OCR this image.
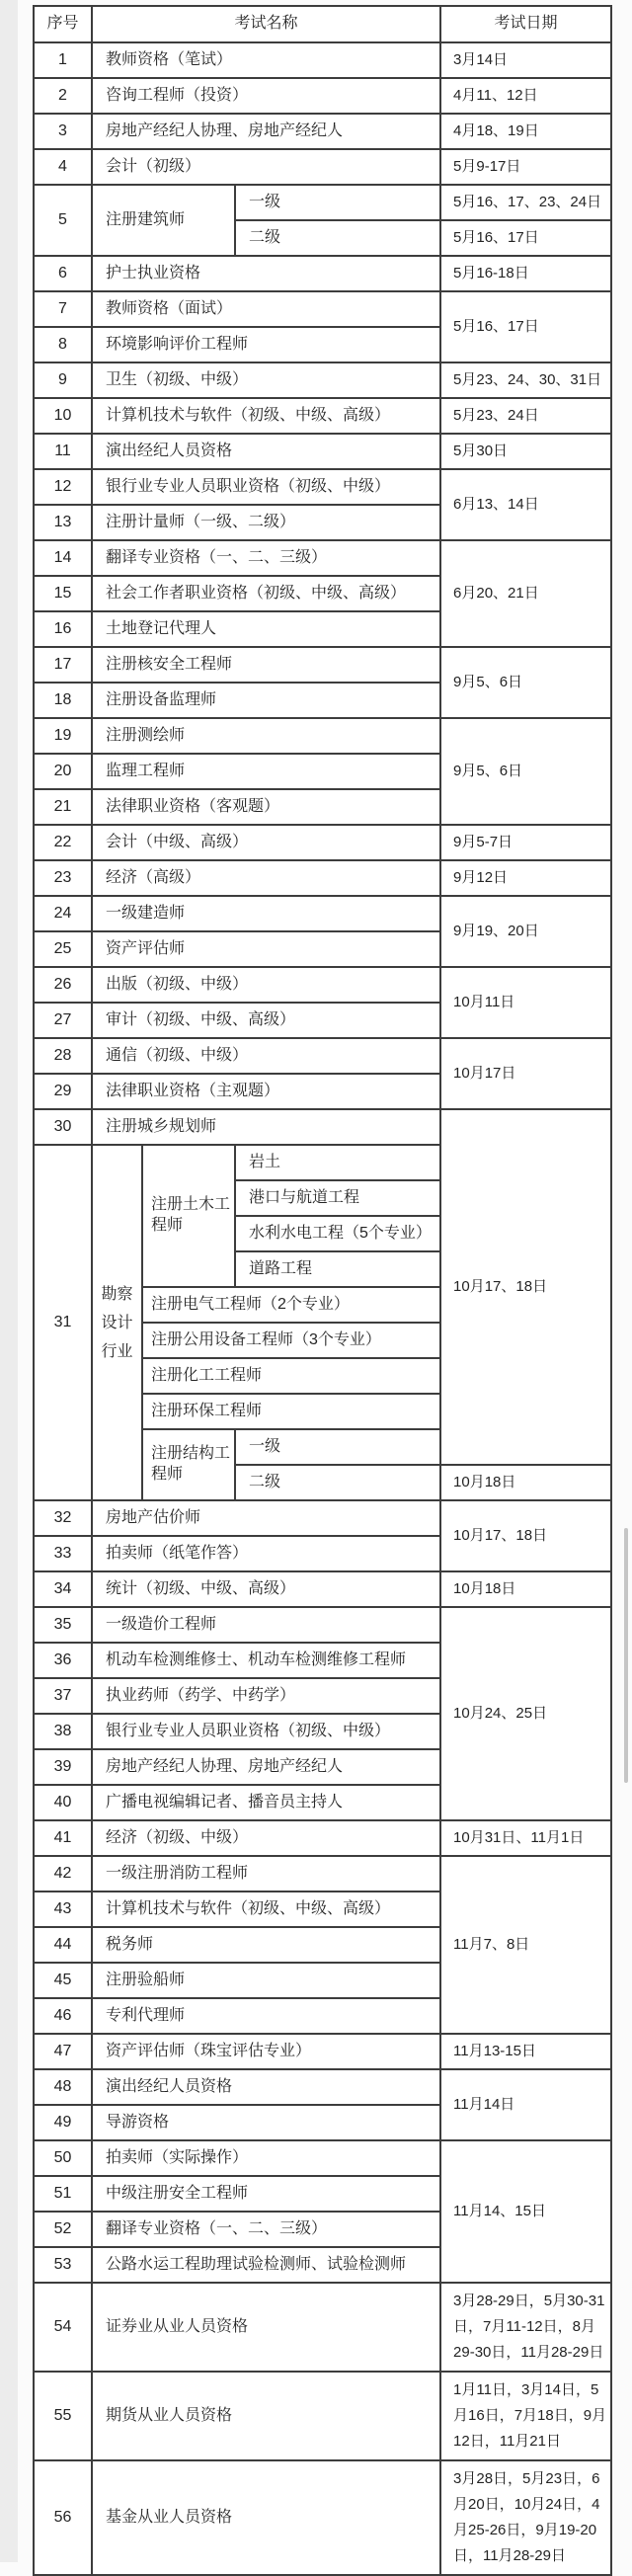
序号	考试名称			考试日期
1	教师资格（笔试）			3月14日
2	咨询工程师（投资）			4月11、12日
3	房地产经纪人协理、房地产经纪人			4月18、19日
4	会计（初级）			5月9-17日
5	注册建筑师		一级	5月16、17、23、24日
			二级	5月16、17日
6	护士执业资格			5月16-18日
7	教师资格（面试）			5月16、17日
8	环境影响评价工程师			
9	卫生（初级、中级）			5月23、24、30、31日
10	计算机技术与软件（初级、中级、高级）			5月23、24日
11	演出经纪人员资格			5月30日
12	银行业专业人员职业资格（初级、中级）			6月13、14日
13	注册计量师（一级、二级）			
14	翻译专业资格（一、二、三级）			6月20、21日
15	社会工作者职业资格（初级、中级、高级）			
16	土地登记代理人			
17	注册核安全工程师			9月5、6日
18	注册设备监理师			
19	注册测绘师			9月5、6日
20	监理工程师			
21	法律职业资格（客观题）			
22	会计（中级、高级）			9月5-7日
23	经济（高级）			9月12日
24	一级建造师			9月19、20日
25	资产评估师			
26	出版（初级、中级）			10月11日
27	审计（初级、中级、高级）			
28	通信（初级、中级）			10月17日
29	法律职业资格（主观题）			
30	注册城乡规划师			10月17、18日
31	勘察设计行业	注册土木工程师	岩土	
			港口与航道工程	
			水利水电工程（5个专业）	
			道路工程	
		注册电气工程师（2个专业）		
		注册公用设备工程师（3个专业）		
		注册化工工程师		
		注册环保工程师		
		注册结构工程师	一级	
			二级	10月18日
32	房地产估价师			10月17、18日
33	拍卖师（纸笔作答）			
34	统计（初级、中级、高级）			10月18日
35	一级造价工程师			10月24、25日
36	机动车检测维修士、机动车检测维修工程师			
37	执业药师（药学、中药学）			
38	银行业专业人员职业资格（初级、中级）			
39	房地产经纪人协理、房地产经纪人			
40	广播电视编辑记者、播音员主持人			
41	经济（初级、中级）			10月31日、11月1日
42	一级注册消防工程师			11月7、8日
43	计算机技术与软件（初级、中级、高级）			
44	税务师			
45	注册验船师			
46	专利代理师			
47	资产评估师（珠宝评估专业）			11月13-15日
48	演出经纪人员资格			11月14日
49	导游资格			
50	拍卖师（实际操作）			11月14、15日
51	中级注册安全工程师			
52	翻译专业资格（一、二、三级）			
53	公路水运工程助理试验检测师、试验检测师			
54	证券业从业人员资格			3月28-29日，5月30-31日，7月11-12日，8月29-30日，11月28-29日
55	期货从业人员资格			1月11日，3月14日，5月16日，7月18日，9月12日，11月21日
56	基金从业人员资格			3月28日，5月23日，6月20日，10月24日，4月25-26日，9月19-20日，11月28-29日
